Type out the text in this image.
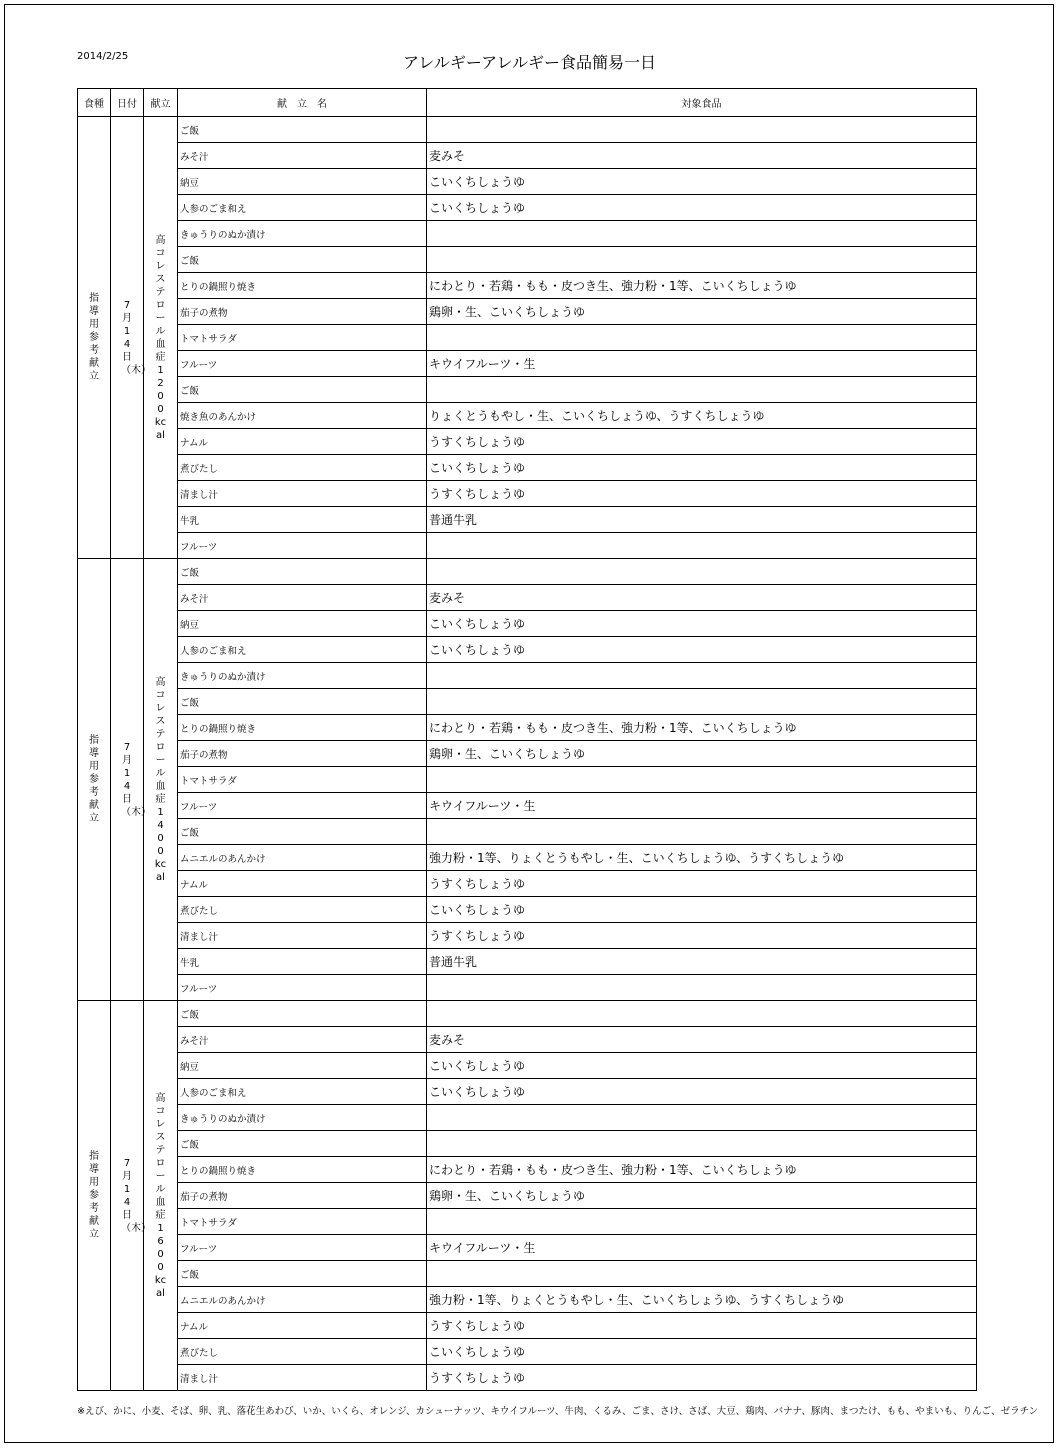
2014/2/25	アレルギーアレルギー食品簡易一日
食種	日付	献立	献　立　名	対象食品
指導用参考献立	7月14日（木）	高コレステロール血症1200kcal	ご飯	
			みそ汁	麦みそ
			納豆	こいくちしょうゆ
			人参のごま和え	こいくちしょうゆ
			きゅうりのぬか漬け	
			ご飯	
			とりの鍋照り焼き	にわとり・若鶏・もも・皮つき生、強力粉・1等、こいくちしょうゆ
			茄子の煮物	鶏卵・生、こいくちしょうゆ
			トマトサラダ	
			フルーツ	キウイフルーツ・生
			ご飯	
			焼き魚のあんかけ	りょくとうもやし・生、こいくちしょうゆ、うすくちしょうゆ
			ナムル	うすくちしょうゆ
			煮びたし	こいくちしょうゆ
			清まし汁	うすくちしょうゆ
			牛乳	普通牛乳
			フルーツ	
指導用参考献立	7月14日（木）	高コレステロール血症1400kcal	ご飯	
			みそ汁	麦みそ
			納豆	こいくちしょうゆ
			人参のごま和え	こいくちしょうゆ
			きゅうりのぬか漬け	
			ご飯	
			とりの鍋照り焼き	にわとり・若鶏・もも・皮つき生、強力粉・1等、こいくちしょうゆ
			茄子の煮物	鶏卵・生、こいくちしょうゆ
			トマトサラダ	
			フルーツ	キウイフルーツ・生
			ご飯	
			ムニエルのあんかけ	強力粉・1等、りょくとうもやし・生、こいくちしょうゆ、うすくちしょうゆ
			ナムル	うすくちしょうゆ
			煮びたし	こいくちしょうゆ
			清まし汁	うすくちしょうゆ
			牛乳	普通牛乳
			フルーツ	
指導用参考献立	7月14日（木）	高コレステロール血症1600kcal	ご飯	
			みそ汁	麦みそ
			納豆	こいくちしょうゆ
			人参のごま和え	こいくちしょうゆ
			きゅうりのぬか漬け	
			ご飯	
			とりの鍋照り焼き	にわとり・若鶏・もも・皮つき生、強力粉・1等、こいくちしょうゆ
			茄子の煮物	鶏卵・生、こいくちしょうゆ
			トマトサラダ	
			フルーツ	キウイフルーツ・生
			ご飯	
			ムニエルのあんかけ	強力粉・1等、りょくとうもやし・生、こいくちしょうゆ、うすくちしょうゆ
			ナムル	うすくちしょうゆ
			煮びたし	こいくちしょうゆ
			清まし汁	うすくちしょうゆ
※えび、かに、小麦、そば、卵、乳、落花生あわび、いか、いくら、オレンジ、カシューナッツ、キウイフルーツ、牛肉、くるみ、ごま、さけ、さば、大豆、鶏肉、バナナ、豚肉、まつたけ、もも、やまいも、りんご、ゼラチン
